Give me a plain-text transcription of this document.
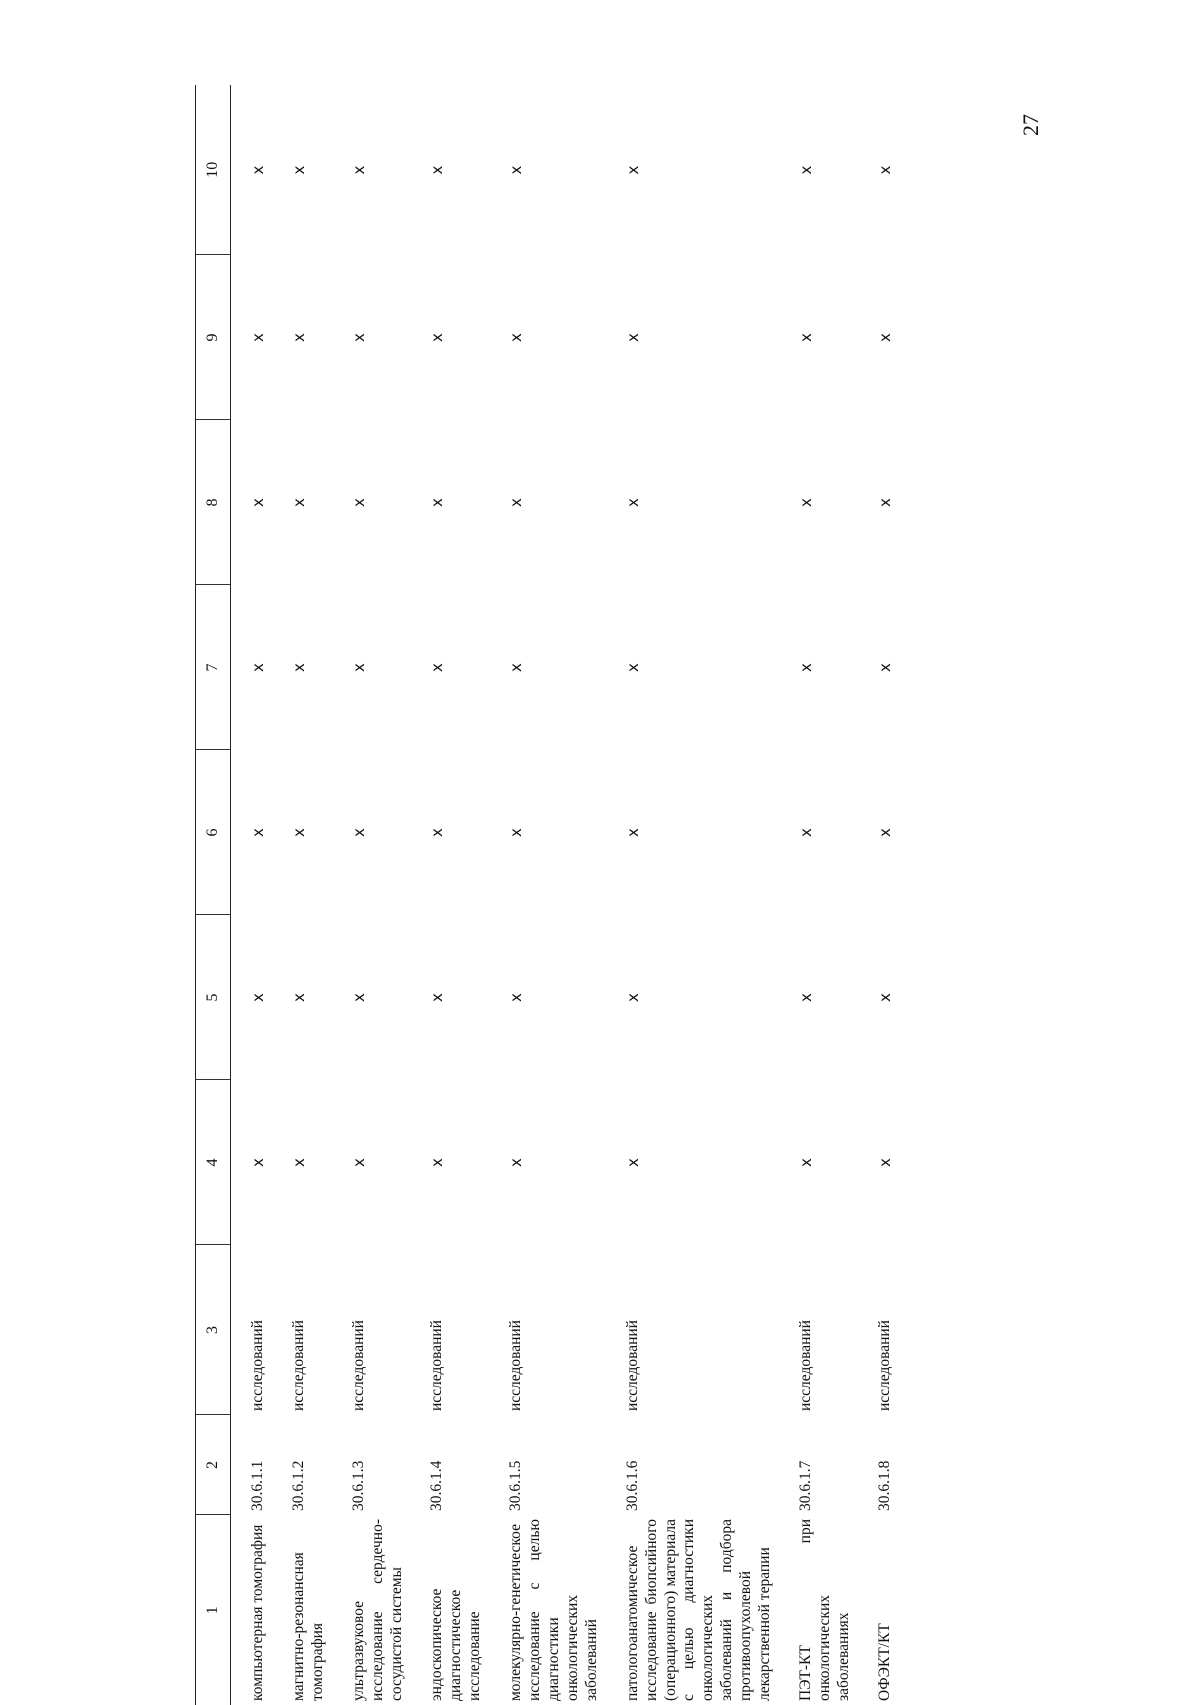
27
1	2	3	4	5	6	7	8	9	10
компьютерная томография	30.6.1.1	исследований	х	х	х	х	х	х	х
магнитно-резонансная томография	30.6.1.2	исследований	х	х	х	х	х	х	х
ультразвуковое исследование сердечно-сосудистой системы	30.6.1.3	исследований	х	х	х	х	х	х	х
эндоскопическое диагностическое исследование	30.6.1.4	исследований	х	х	х	х	х	х	х
молекулярно-генетическое исследование с целью диагностики онкологических заболеваний	30.6.1.5	исследований	х	х	х	х	х	х	х
патологоанатомическое исследование биопсийного (операционного) материала с целью диагностики онкологических заболеваний и подбора противоопухолевой лекарственной терапии	30.6.1.6	исследований	х	х	х	х	х	х	х
ПЭТ-КТ при онкологических заболеваниях	30.6.1.7	исследований	х	х	х	х	х	х	х
ОФЭКТ/КТ	30.6.1.8	исследований	х	х	х	х	х	х	х
